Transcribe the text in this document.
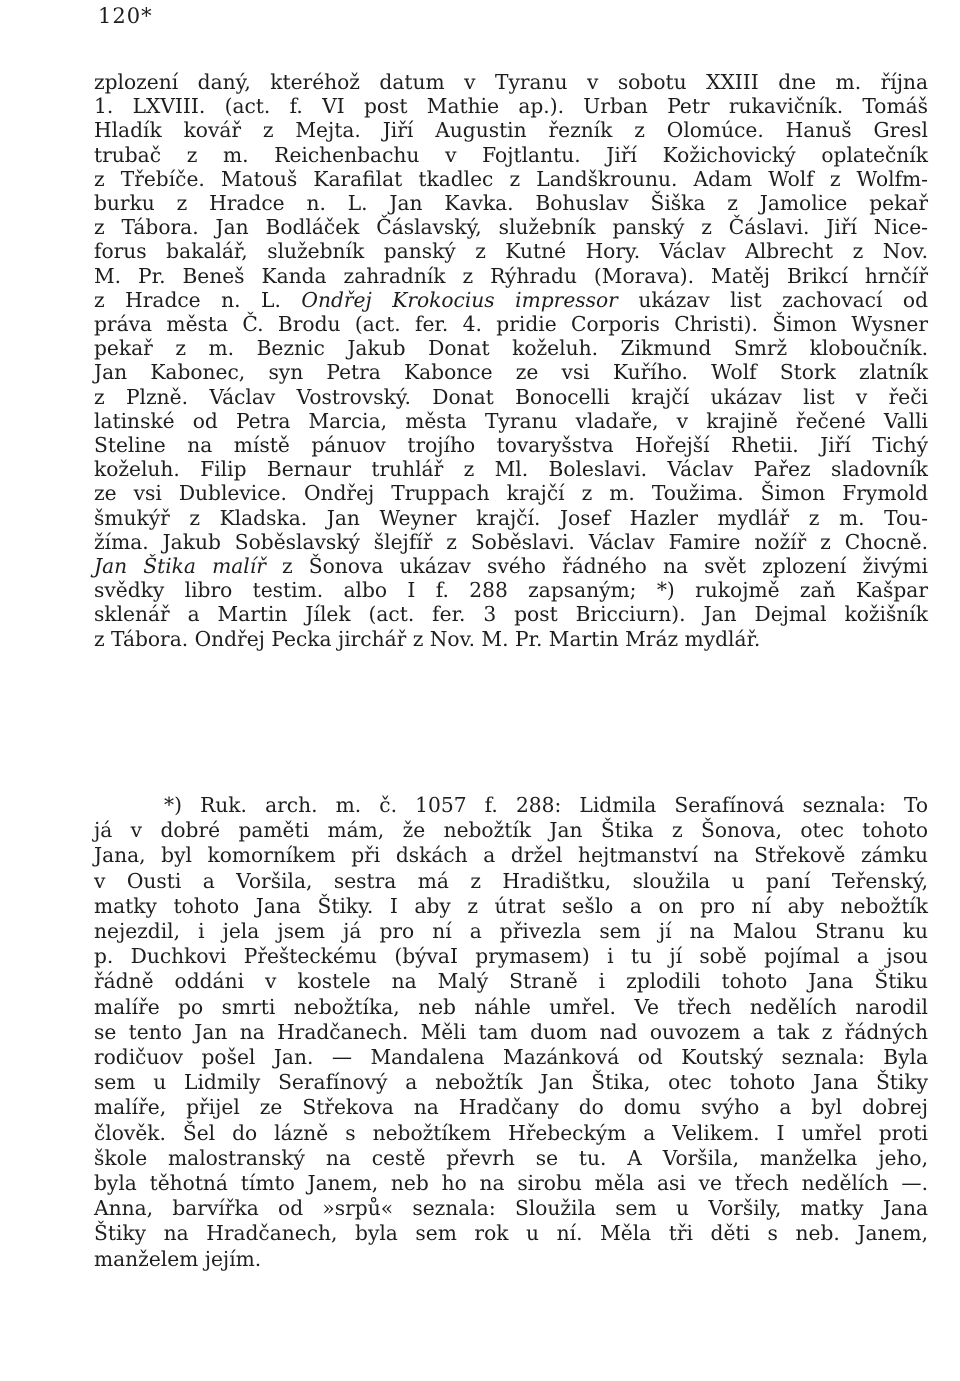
120*
zplození daný, kteréhož datum v Tyranu v sobotu XXIII dne m. října
1. LXVIII. (act. f. VI post Mathie ap.). Urban Petr rukavičník. Tomáš
Hladík kovář z Mejta. Jiří Augustin řezník z Olomúce. Hanuš Gresl
trubač z m. Reichenbachu v Fojtlantu. Jiří Kožichovický oplatečník
z Třebíče. Matouš Karafilat tkadlec z Landškrounu. Adam Wolf z Wolfm-
burku z Hradce n. L. Jan Kavka. Bohuslav Šiška z Jamolice pekař
z Tábora. Jan Bodláček Čáslavský, služebník panský z Čáslavi. Jiří Nice-
forus bakalář, služebník panský z Kutné Hory. Václav Albrecht z Nov.
M. Pr. Beneš Kanda zahradník z Rýhradu (Morava). Matěj Brikcí hrnčíř
z Hradce n. L. Ondřej Krokocius impressor ukázav list zachovací od
práva města Č. Brodu (act. fer. 4. pridie Corporis Christi). Šimon Wysner
pekař z m. Beznic Jakub Donat koželuh. Zikmund Smrž kloboučník.
Jan Kabonec, syn Petra Kabonce ze vsi Kuřího. Wolf Stork zlatník
z Plzně. Václav Vostrovský. Donat Bonocelli krajčí ukázav list v řeči
latinské od Petra Marcia, města Tyranu vladaře, v krajině řečené Valli
Steline na místě pánuov trojího tovaryšstva Hořejší Rhetii. Jiří Tichý
koželuh. Filip Bernaur truhlář z Ml. Boleslavi. Václav Pařez sladovník
ze vsi Dublevice. Ondřej Truppach krajčí z m. Toužima. Šimon Frymold
šmukýř z Kladska. Jan Weyner krajčí. Josef Hazler mydlář z m. Tou-
žíma. Jakub Soběslavský šlejfíř z Soběslavi. Václav Famire nožíř z Chocně.
Jan Štika malíř z Šonova ukázav svého řádného na svět zplození živými
svědky libro testim. albo I f. 288 zapsaným; *) rukojmě zaň Kašpar
sklenář a Martin Jílek (act. fer. 3 post Bricciurn). Jan Dejmal kožišník
z Tábora. Ondřej Pecka jirchář z Nov. M. Pr. Martin Mráz mydlář.
*) Ruk. arch. m. č. 1057 f. 288: Lidmila Serafínová seznala: To
já v dobré paměti mám, že nebožtík Jan Štika z Šonova, otec tohoto
Jana, byl komorníkem při dskách a držel hejtmanství na Střekově zámku
v Ousti a Voršila, sestra má z Hradištku, sloužila u paní Teřenský,
matky tohoto Jana Štiky. I aby z útrat sešlo a on pro ní aby nebožtík
nejezdil, i jela jsem já pro ní a přivezla sem jí na Malou Stranu ku
p. Duchkovi Přešteckému (bývaI prymasem) i tu jí sobě pojímal a jsou
řádně oddáni v kostele na Malý Straně i zplodili tohoto Jana Štiku
malíře po smrti nebožtíka, neb náhle umřel. Ve třech nedělích narodil
se tento Jan na Hradčanech. Měli tam duom nad ouvozem a tak z řádných
rodičuov pošel Jan. — Mandalena Mazánková od Koutský seznala: Byla
sem u Lidmily Serafínový a nebožtík Jan Štika, otec tohoto Jana Štiky
malíře, přijel ze Střekova na Hradčany do domu svýho a byl dobrej
člověk. Šel do lázně s nebožtíkem Hřebeckým a Velikem. I umřel proti
škole malostranský na cestě převrh se tu. A Voršila, manželka jeho,
byla těhotná tímto Janem, neb ho na sirobu měla asi ve třech nedělích —.
Anna, barvířka od »srpů« seznala: Sloužila sem u Voršily, matky Jana
Štiky na Hradčanech, byla sem rok u ní. Měla tři děti s neb. Janem,
manželem jejím.
